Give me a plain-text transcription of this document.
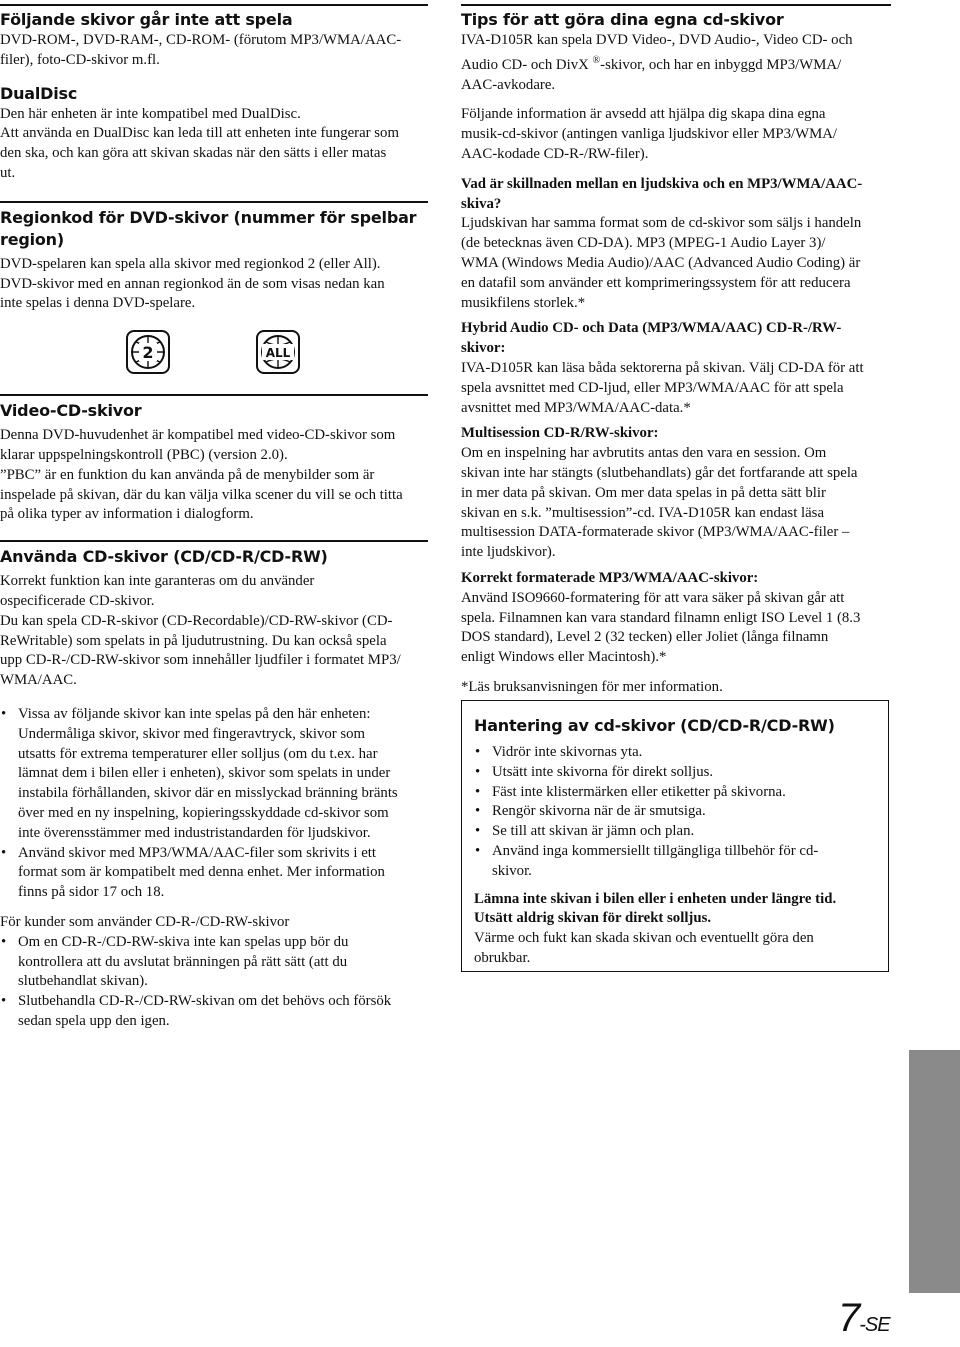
Följande skivor går inte att spela
DVD-ROM-, DVD-RAM-, CD-ROM- (förutom MP3/WMA/AAC-
filer), foto-CD-skivor m.fl.
DualDisc
Den här enheten är inte kompatibel med DualDisc.
Att använda en DualDisc kan leda till att enheten inte fungerar som
den ska, och kan göra att skivan skadas när den sätts i eller matas
ut.
Regionkod för DVD-skivor (nummer för spelbar region)
DVD-spelaren kan spela alla skivor med regionkod 2 (eller All).
DVD-skivor med en annan regionkod än de som visas nedan kan
inte spelas i denna DVD-spelare.
2	ALL
Video-CD-skivor
Denna DVD-huvudenhet är kompatibel med video-CD-skivor som
klarar uppspelningskontroll (PBC) (version 2.0).
”PBC” är en funktion du kan använda på de menybilder som är
inspelade på skivan, där du kan välja vilka scener du vill se och titta
på olika typer av information i dialogform.
Använda CD-skivor (CD/CD-R/CD-RW)
Korrekt funktion kan inte garanteras om du använder
ospecificerade CD-skivor.
Du kan spela CD-R-skivor (CD-Recordable)/CD-RW-skivor (CD-
ReWritable) som spelats in på ljudutrustning. Du kan också spela
upp CD-R-/CD-RW-skivor som innehåller ljudfiler i formatet MP3/
WMA/AAC.
• Vissa av följande skivor kan inte spelas på den här enheten:
Undermåliga skivor, skivor med fingeravtryck, skivor som
utsatts för extrema temperaturer eller solljus (om du t.ex. har
lämnat dem i bilen eller i enheten), skivor som spelats in under
instabila förhållanden, skivor där en misslyckad bränning bränts
över med en ny inspelning, kopieringsskyddade cd-skivor som
inte överensstämmer med industristandarden för ljudskivor.
• Använd skivor med MP3/WMA/AAC-filer som skrivits i ett
format som är kompatibelt med denna enhet. Mer information
finns på sidor 17 och 18.
För kunder som använder CD-R-/CD-RW-skivor
• Om en CD-R-/CD-RW-skiva inte kan spelas upp bör du
kontrollera att du avslutat bränningen på rätt sätt (att du
slutbehandlat skivan).
• Slutbehandla CD-R-/CD-RW-skivan om det behövs och försök
sedan spela upp den igen.
Tips för att göra dina egna cd-skivor
IVA-D105R kan spela DVD Video-, DVD Audio-, Video CD- och
Audio CD- och DivX ®-skivor, och har en inbyggd MP3/WMA/
AAC-avkodare.
Följande information är avsedd att hjälpa dig skapa dina egna
musik-cd-skivor (antingen vanliga ljudskivor eller MP3/WMA/
AAC-kodade CD-R-/RW-filer).
Vad är skillnaden mellan en ljudskiva och en MP3/WMA/AAC-
skiva?
Ljudskivan har samma format som de cd-skivor som säljs i handeln
(de betecknas även CD-DA). MP3 (MPEG-1 Audio Layer 3)/
WMA (Windows Media Audio)/AAC (Advanced Audio Coding) är
en datafil som använder ett komprimeringssystem för att reducera
musikfilens storlek.*
Hybrid Audio CD- och Data (MP3/WMA/AAC) CD-R-/RW-
skivor:
IVA-D105R kan läsa båda sektorerna på skivan. Välj CD-DA för att
spela avsnittet med CD-ljud, eller MP3/WMA/AAC för att spela
avsnittet med MP3/WMA/AAC-data.*
Multisession CD-R/RW-skivor:
Om en inspelning har avbrutits antas den vara en session. Om
skivan inte har stängts (slutbehandlats) går det fortfarande att spela
in mer data på skivan. Om mer data spelas in på detta sätt blir
skivan en s.k. ”multisession”-cd. IVA-D105R kan endast läsa
multisession DATA-formaterade skivor (MP3/WMA/AAC-filer –
inte ljudskivor).
Korrekt formaterade MP3/WMA/AAC-skivor:
Använd ISO9660-formatering för att vara säker på skivan går att
spela. Filnamnen kan vara standard filnamn enligt ISO Level 1 (8.3
DOS standard), Level 2 (32 tecken) eller Joliet (långa filnamn
enligt Windows eller Macintosh).*
*Läs bruksanvisningen för mer information.
Hantering av cd-skivor (CD/CD-R/CD-RW)
• Vidrör inte skivornas yta.
• Utsätt inte skivorna för direkt solljus.
• Fäst inte klistermärken eller etiketter på skivorna.
• Rengör skivorna när de är smutsiga.
• Se till att skivan är jämn och plan.
• Använd inga kommersiellt tillgängliga tillbehör för cd-
skivor.
Lämna inte skivan i bilen eller i enheten under längre tid.
Utsätt aldrig skivan för direkt solljus.
Värme och fukt kan skada skivan och eventuellt göra den
obrukbar.
7-SE
